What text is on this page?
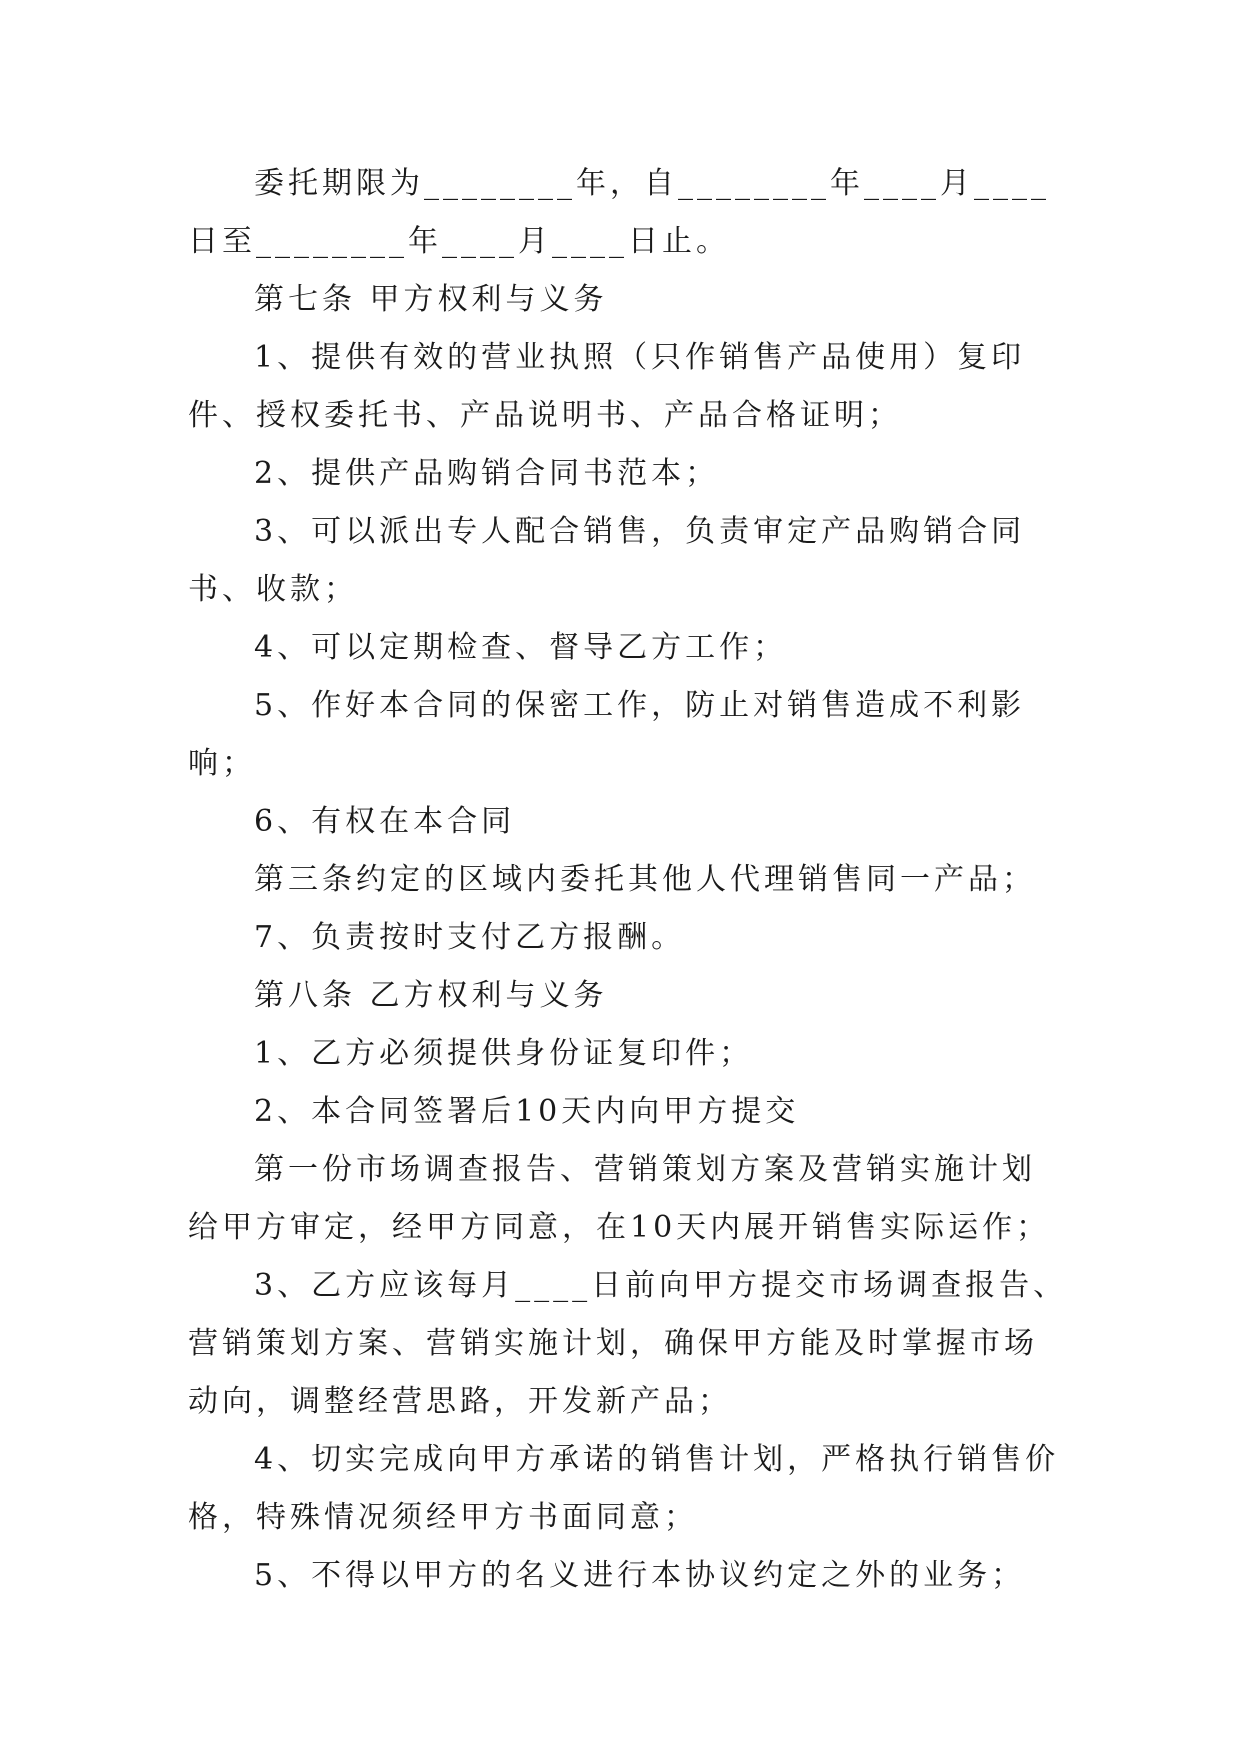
委托期限为________年，自________年____月____日至________年____月____日止。

第七条 甲方权利与义务

1、提供有效的营业执照（只作销售产品使用）复印件、授权委托书、产品说明书、产品合格证明；

2、提供产品购销合同书范本；

3、可以派出专人配合销售，负责审定产品购销合同书、收款；

4、可以定期检查、督导乙方工作；

5、作好本合同的保密工作，防止对销售造成不利影响；

6、有权在本合同

第三条约定的区域内委托其他人代理销售同一产品；

7、负责按时支付乙方报酬。

第八条 乙方权利与义务

1、乙方必须提供身份证复印件；

2、本合同签署后10天内向甲方提交

第一份市场调查报告、营销策划方案及营销实施计划给甲方审定，经甲方同意，在10天内展开销售实际运作；

3、乙方应该每月____日前向甲方提交市场调查报告、营销策划方案、营销实施计划，确保甲方能及时掌握市场动向，调整经营思路，开发新产品；

4、切实完成向甲方承诺的销售计划，严格执行销售价格，特殊情况须经甲方书面同意；

5、不得以甲方的名义进行本协议约定之外的业务；
